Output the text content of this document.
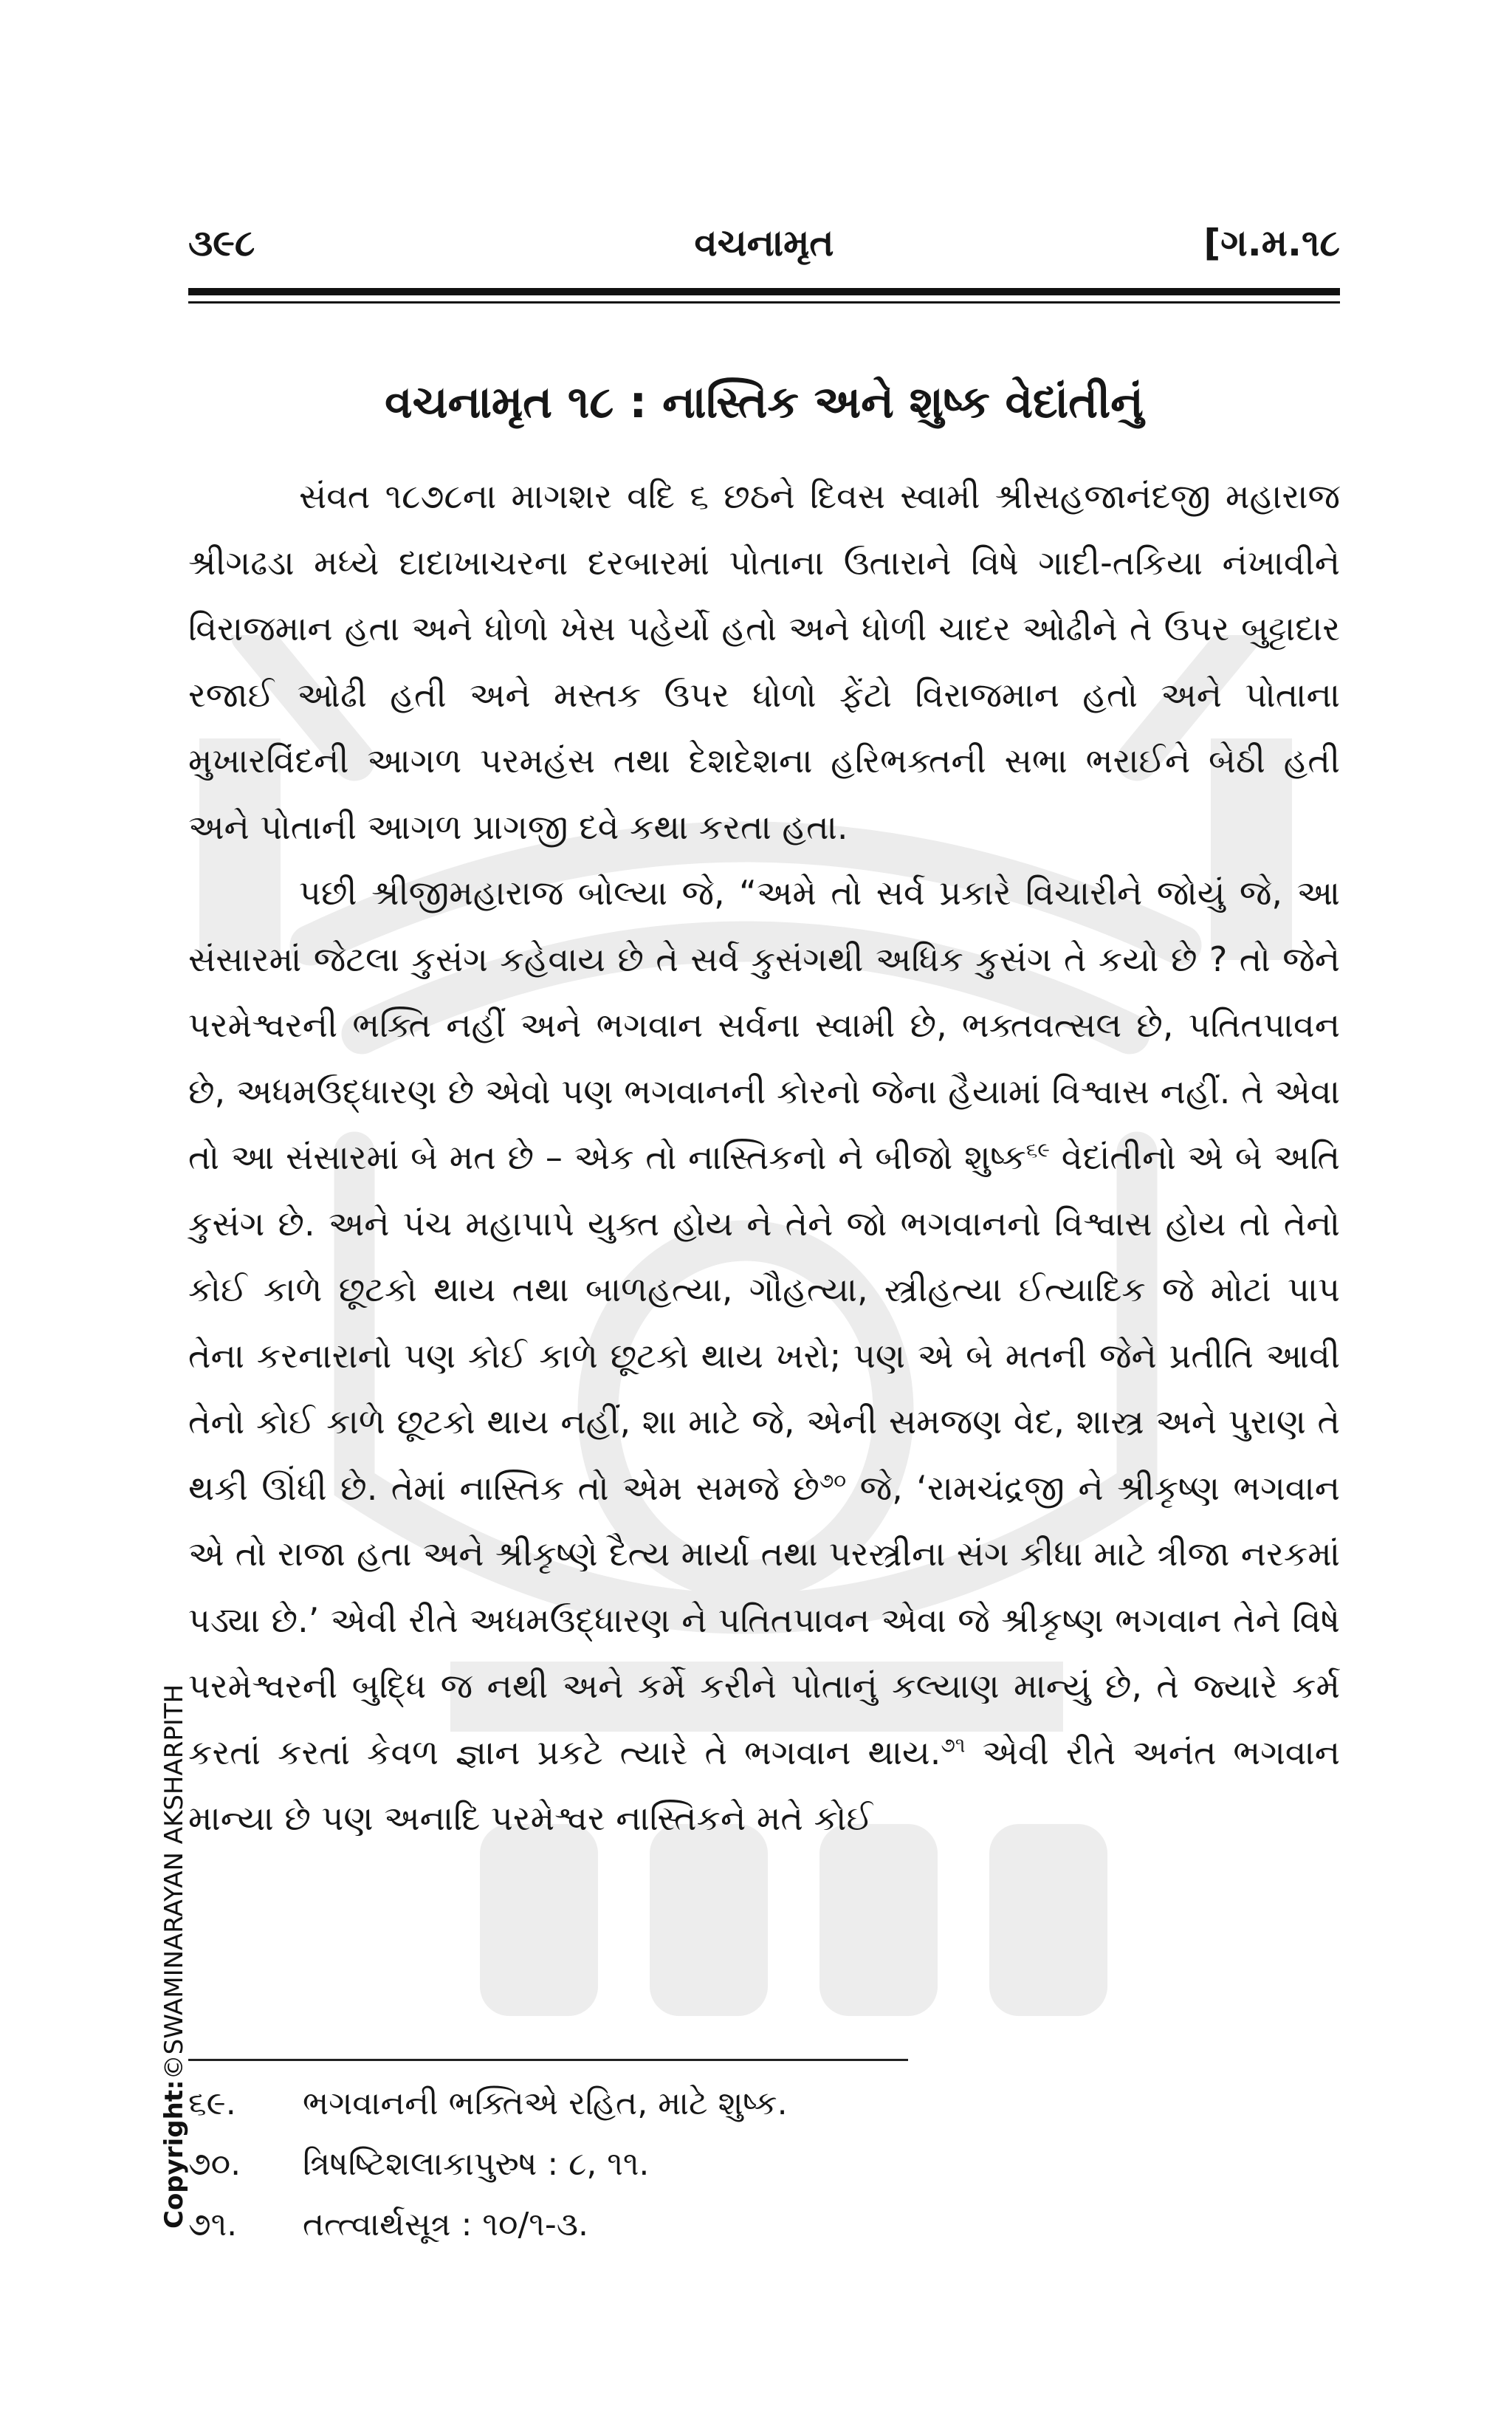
૩૯૮	વચનામૃત	[ગ.મ.૧૮
વચનામૃત ૧૮ : નાસ્તિક અને શુષ્ક વેદાંતીનું

સંવત ૧૮૭૮ના માગશર વદિ ૬ છઠને દિવસ સ્વામી શ્રીસહજાનંદજી મહારાજ શ્રીગઢડા મધ્યે દાદાખાચરના દરબારમાં પોતાના ઉતારાને વિષે ગાદી-તકિયા નંખાવીને વિરાજમાન હતા અને ધોળો ખેસ પહેર્યો હતો અને ધોળી ચાદર ઓઢીને તે ઉપર બુટ્ટાદાર રજાઈ ઓઢી હતી અને મસ્તક ઉપર ધોળો ફેંટો વિરાજમાન હતો અને પોતાના મુખારવિંદની આગળ પરમહંસ તથા દેશદેશના હરિભક્તની સભા ભરાઈને બેઠી હતી અને પોતાની આગળ પ્રાગજી દવે કથા કરતા હતા.

પછી શ્રીજીમહારાજ બોલ્યા જે, “અમે તો સર્વ પ્રકારે વિચારીને જોયું જે, આ સંસારમાં જેટલા કુસંગ કહેવાય છે તે સર્વ કુસંગથી અધિક કુસંગ તે કયો છે ? તો જેને પરમેશ્વરની ભક્તિ નહીં અને ભગવાન સર્વના સ્વામી છે, ભક્તવત્સલ છે, પતિતપાવન છે, અધમઉદ્ધારણ છે એવો પણ ભગવાનની કોરનો જેના હૈયામાં વિશ્વાસ નહીં. તે એવા તો આ સંસારમાં બે મત છે – એક તો નાસ્તિકનો ને બીજો શુષ્ક$^{૬૯}$ વેદાંતીનો એ બે અતિ કુસંગ છે. અને પંચ મહાપાપે યુક્ત હોય ને તેને જો ભગવાનનો વિશ્વાસ હોય તો તેનો કોઈ કાળે છૂટકો થાય તથા બાળહત્યા, ગૌહત્યા, સ્ત્રીહત્યા ઈત્યાદિક જે મોટાં પાપ તેના કરનારાનો પણ કોઈ કાળે છૂટકો થાય ખરો; પણ એ બે મતની જેને પ્રતીતિ આવી તેનો કોઈ કાળે છૂટકો થાય નહીં, શા માટે જે, એની સમજણ વેદ, શાસ્ત્ર અને પુરાણ તે થકી ઊંધી છે. તેમાં નાસ્તિક તો એમ સમજે છે$^{૭૦}$ જે, ‘રામચંદ્રજી ને શ્રીકૃષ્ણ ભગવાન એ તો રાજા હતા અને શ્રીકૃષ્ણે દૈત્ય માર્યા તથા પરસ્ત્રીના સંગ કીધા માટે ત્રીજા નરકમાં પડ્યા છે.’ એવી રીતે અધમઉદ્ધારણ ને પતિતપાવન એવા જે શ્રીકૃષ્ણ ભગવાન તેને વિષે પરમેશ્વરની બુદ્ધિ જ નથી અને કર્મે કરીને પોતાનું કલ્યાણ માન્યું છે, તે જ્યારે કર્મ કરતાં કરતાં કેવળ જ્ઞાન પ્રકટે ત્યારે તે ભગવાન થાય.$^{૭૧}$ એવી રીતે અનંત ભગવાન માન્યા છે પણ અનાદિ પરમેશ્વર નાસ્તિકને મતે કોઈ

૬૯.	ભગવાનની ભક્તિએ રહિત, માટે શુષ્ક.
૭૦.	ત્રિષષ્ટિશલાકાપુરુષ : ૮, ૧૧.
૭૧.	તત્ત્વાર્થસૂત્ર : ૧૦/૧-૩.
Copyright:©SWAMINARAYAN AKSHARPITH
